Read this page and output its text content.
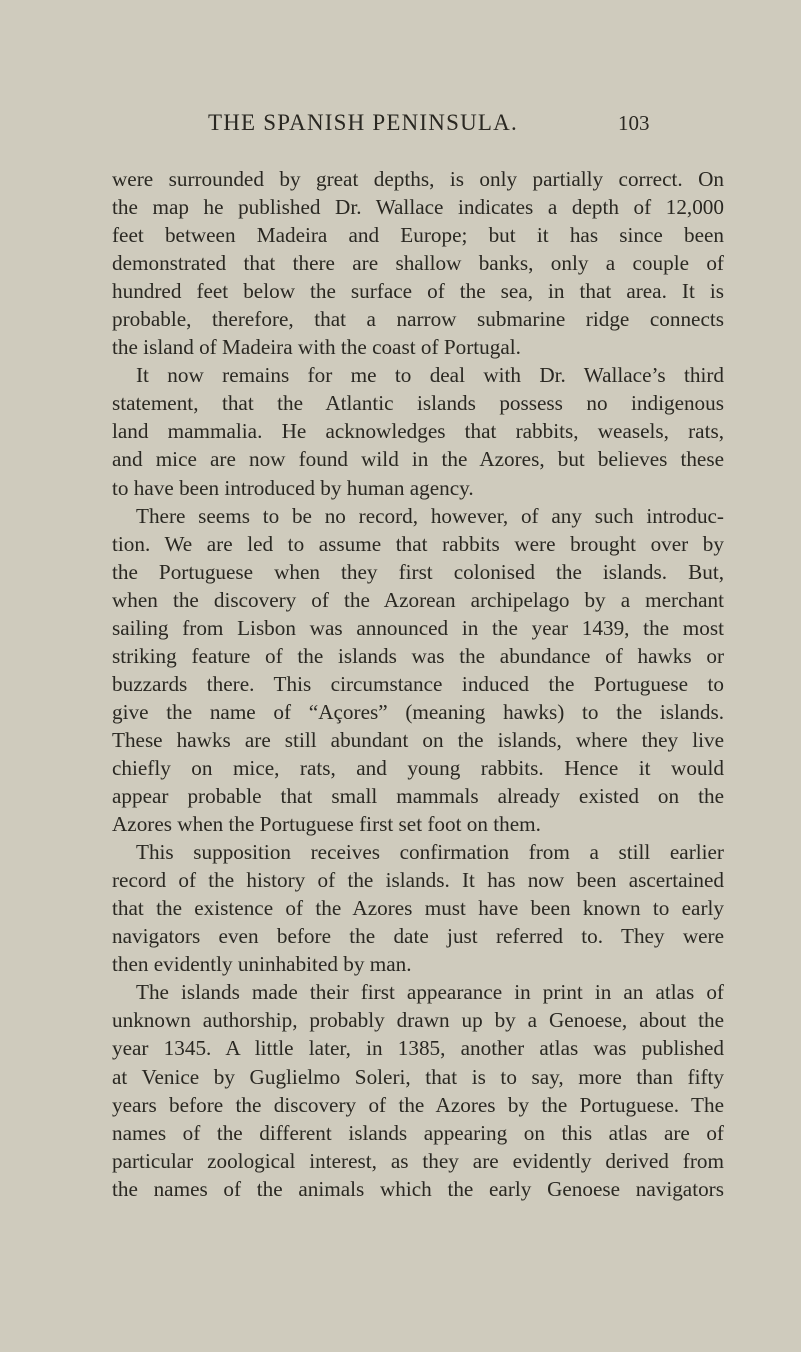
THE SPANISH PENINSULA.	103
were surrounded by great depths, is only partially correct. On
the map he published Dr. Wallace indicates a depth of 12,000
feet between Madeira and Europe; but it has since been
demonstrated that there are shallow banks, only a couple of
hundred feet below the surface of the sea, in that area. It is
probable, therefore, that a narrow submarine ridge connects
the island of Madeira with the coast of Portugal.
It now remains for me to deal with Dr. Wallace’s third
statement, that the Atlantic islands possess no indigenous
land mammalia. He acknowledges that rabbits, weasels, rats,
and mice are now found wild in the Azores, but believes these
to have been introduced by human agency.
There seems to be no record, however, of any such introduc-
tion. We are led to assume that rabbits were brought over by
the Portuguese when they first colonised the islands. But,
when the discovery of the Azorean archipelago by a merchant
sailing from Lisbon was announced in the year 1439, the most
striking feature of the islands was the abundance of hawks or
buzzards there. This circumstance induced the Portuguese to
give the name of “Açores” (meaning hawks) to the islands.
These hawks are still abundant on the islands, where they live
chiefly on mice, rats, and young rabbits. Hence it would
appear probable that small mammals already existed on the
Azores when the Portuguese first set foot on them.
This supposition receives confirmation from a still earlier
record of the history of the islands. It has now been ascertained
that the existence of the Azores must have been known to early
navigators even before the date just referred to. They were
then evidently uninhabited by man.
The islands made their first appearance in print in an atlas of
unknown authorship, probably drawn up by a Genoese, about the
year 1345. A little later, in 1385, another atlas was published
at Venice by Guglielmo Soleri, that is to say, more than fifty
years before the discovery of the Azores by the Portuguese. The
names of the different islands appearing on this atlas are of
particular zoological interest, as they are evidently derived from
the names of the animals which the early Genoese navigators
